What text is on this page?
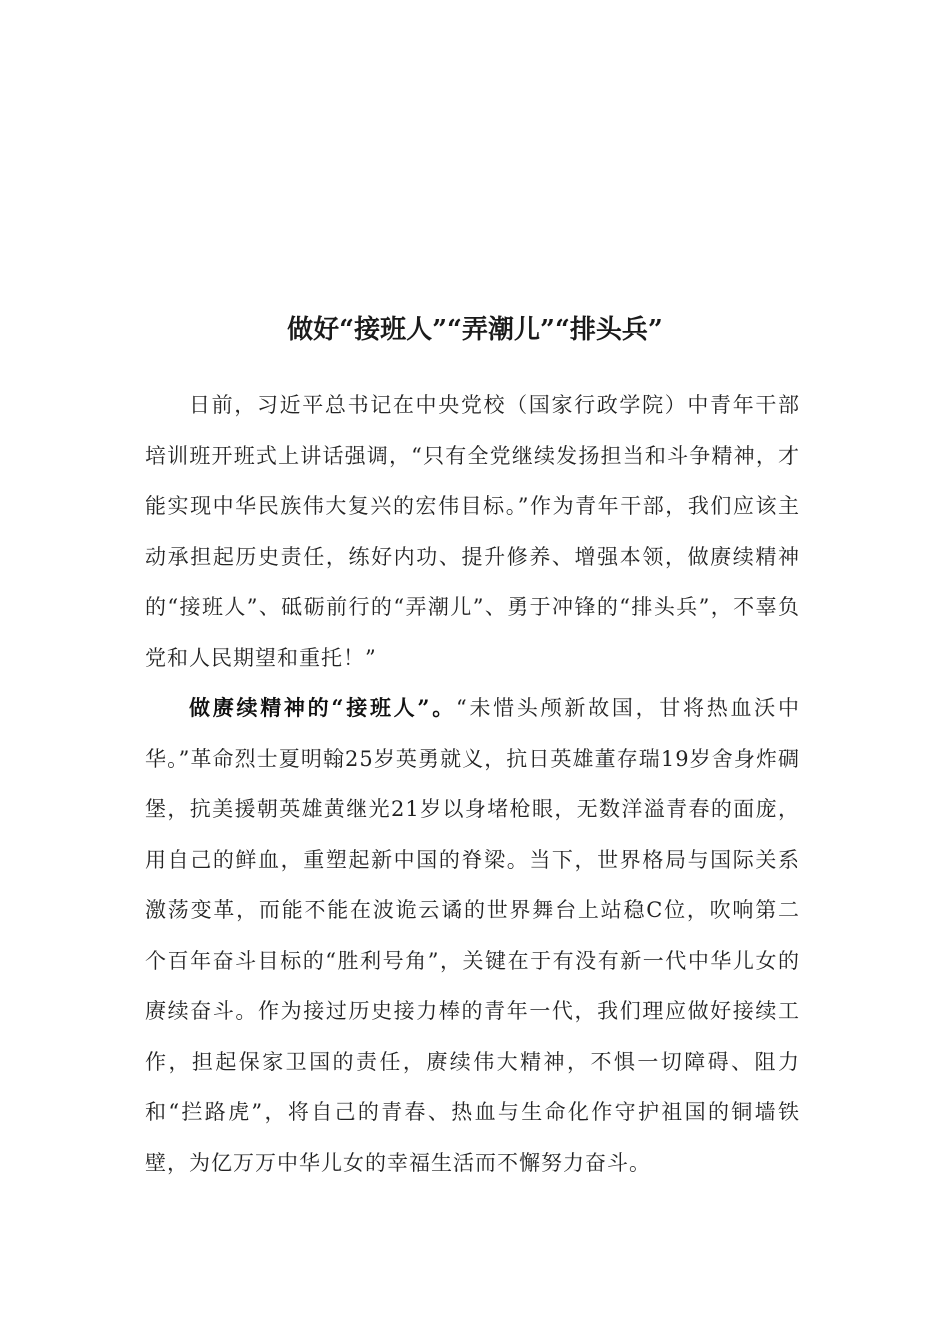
做好“接班人”“弄潮儿”“排头兵”

日前，习近平总书记在中央党校（国家行政学院）中青年干部培训班开班式上讲话强调，“只有全党继续发扬担当和斗争精神，才能实现中华民族伟大复兴的宏伟目标。”作为青年干部，我们应该主动承担起历史责任，练好内功、提升修养、增强本领，做赓续精神的“接班人”、砥砺前行的“弄潮儿”、勇于冲锋的“排头兵”，不辜负党和人民期望和重托！”

做赓续精神的“接班人”。“未惜头颅新故国，甘将热血沃中华。”革命烈士夏明翰25岁英勇就义，抗日英雄董存瑞19岁舍身炸碉堡，抗美援朝英雄黄继光21岁以身堵枪眼，无数洋溢青春的面庞，用自己的鲜血，重塑起新中国的脊梁。当下，世界格局与国际关系激荡变革，而能不能在波诡云谲的世界舞台上站稳C位，吹响第二个百年奋斗目标的“胜利号角”，关键在于有没有新一代中华儿女的赓续奋斗。作为接过历史接力棒的青年一代，我们理应做好接续工作，担起保家卫国的责任，赓续伟大精神，不惧一切障碍、阻力和“拦路虎”，将自己的青春、热血与生命化作守护祖国的铜墙铁壁，为亿万万中华儿女的幸福生活而不懈努力奋斗。
